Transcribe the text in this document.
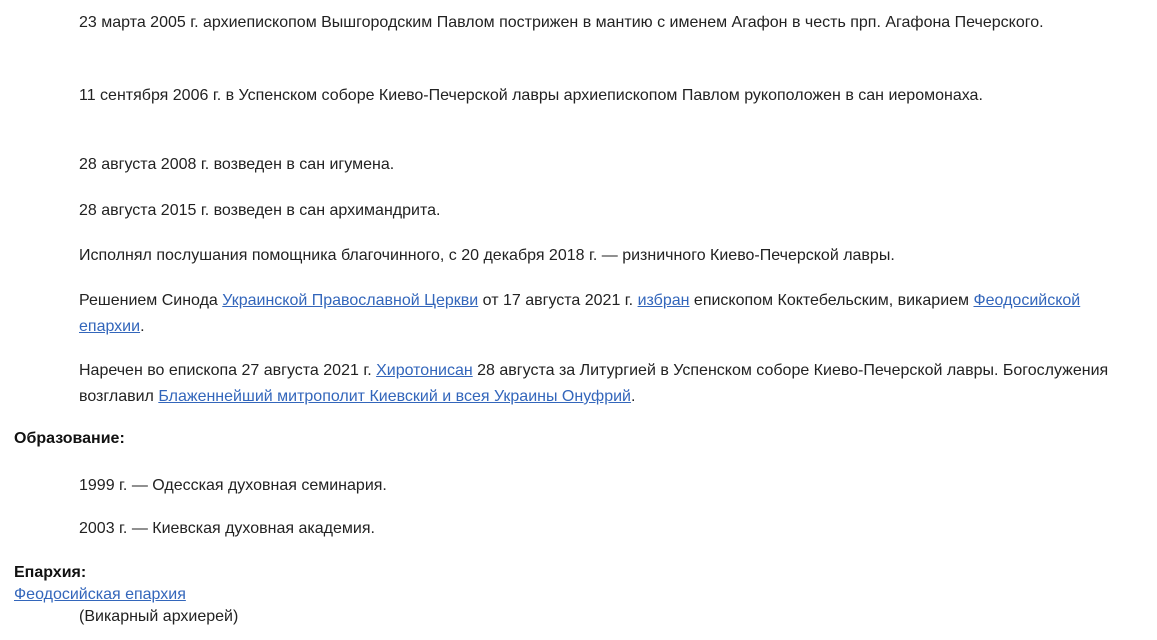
23 марта 2005 г. архиепископом Вышгородским Павлом пострижен в мантию с именем Агафон в честь прп. Агафона Печерского.

11 сентября 2006 г. в Успенском соборе Киево-Печерской лавры архиепископом Павлом рукоположен в сан иеромонаха.

28 августа 2008 г. возведен в сан игумена.

28 августа 2015 г. возведен в сан архимандрита.

Исполнял послушания помощника благочинного, с 20 декабря 2018 г. — ризничного Киево-Печерской лавры.

Решением Синода Украинской Православной Церкви от 17 августа 2021 г. избран епископом Коктебельским, викарием Феодосийской епархии.

Наречен во епископа 27 августа 2021 г. Хиротонисан 28 августа за Литургией в Успенском соборе Киево-Печерской лавры. Богослужения возглавил Блаженнейший митрополит Киевский и всея Украины Онуфрий.

Образование:

1999 г. — Одесская духовная семинария.

2003 г. — Киевская духовная академия.

Епархия:

Феодосийская епархия

(Викарный архиерей)
